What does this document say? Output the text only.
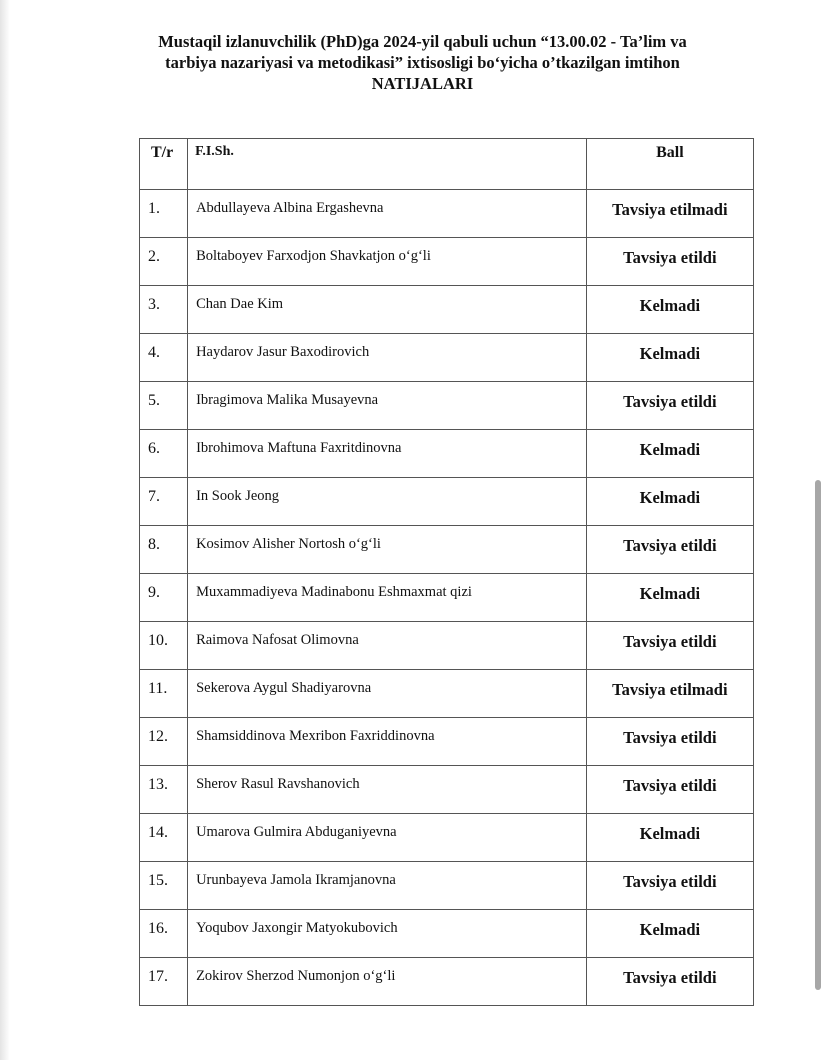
Mustaqil izlanuvchilik (PhD)ga 2024-yil qabuli uchun “13.00.02 - Ta’lim va
tarbiya nazariyasi va metodikasi” ixtisosligi bo‘yicha o’tkazilgan imtihon
NATIJALARI
T/r	F.I.Sh.	Ball

1.	Abdullayeva Albina Ergashevna	Tavsiya etilmadi

2.	Boltaboyev Farxodjon Shavkatjon o‘g‘li	Tavsiya etildi

3.	Chan Dae Kim	Kelmadi

4.	Haydarov Jasur Baxodirovich	Kelmadi

5.	Ibragimova Malika Musayevna	Tavsiya etildi

6.	Ibrohimova Maftuna Faxritdinovna	Kelmadi

7.	In Sook Jeong	Kelmadi

8.	Kosimov Alisher Nortosh o‘g‘li	Tavsiya etildi

9.	Muxammadiyeva Madinabonu Eshmaxmat qizi	Kelmadi

10.	Raimova Nafosat Olimovna	Tavsiya etildi

11.	Sekerova Aygul Shadiyarovna	Tavsiya etilmadi

12.	Shamsiddinova Mexribon Faxriddinovna	Tavsiya etildi

13.	Sherov Rasul Ravshanovich	Tavsiya etildi

14.	Umarova Gulmira Abduganiyevna	Kelmadi

15.	Urunbayeva Jamola Ikramjanovna	Tavsiya etildi

16.	Yoqubov Jaxongir Matyokubovich	Kelmadi

17.	Zokirov Sherzod Numonjon o‘g‘li	Tavsiya etildi
